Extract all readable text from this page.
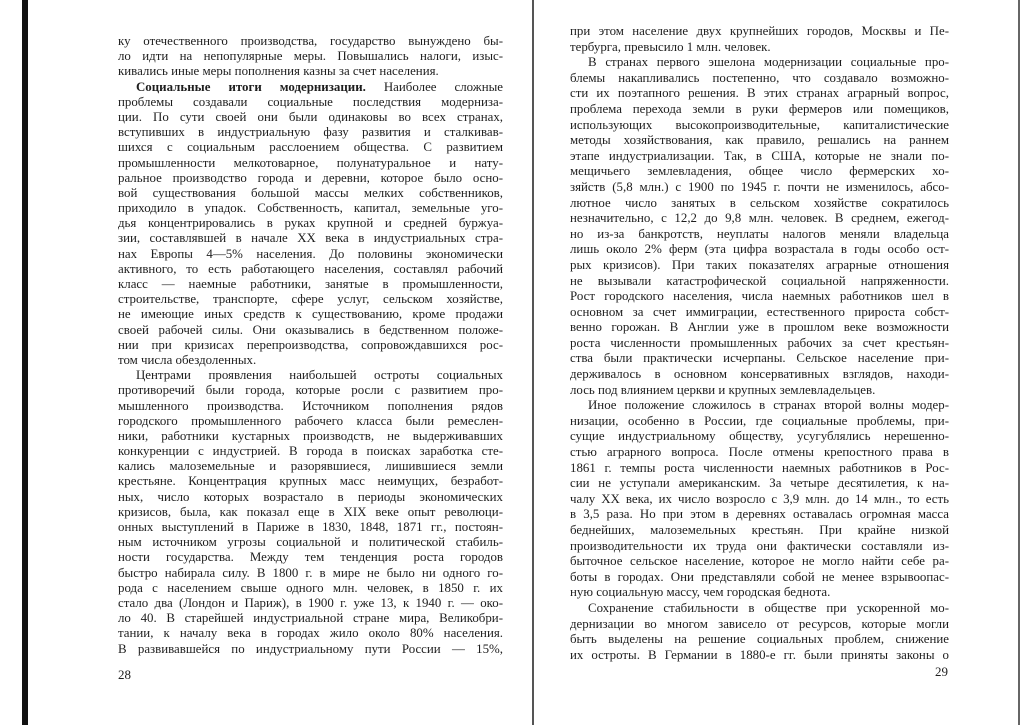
ку отечественного производства, государство вынуждено бы-
ло идти на непопулярные меры. Повышались налоги, изыс-
кивались иные меры пополнения казны за счет населения.
Социальные итоги модернизации. Наиболее сложные
проблемы создавали социальные последствия модерниза-
ции. По сути своей они были одинаковы во всех странах,
вступивших в индустриальную фазу развития и сталкивав-
шихся с социальным расслоением общества. С развитием
промышленности мелкотоварное, полунатуральное и нату-
ральное производство города и деревни, которое было осно-
вой существования большой массы мелких собственников,
приходило в упадок. Собственность, капитал, земельные уго-
дья концентрировались в руках крупной и средней буржуа-
зии, составлявшей в начале XX века в индустриальных стра-
нах Европы 4—5% населения. До половины экономически
активного, то есть работающего населения, составлял рабочий
класс — наемные работники, занятые в промышленности,
строительстве, транспорте, сфере услуг, сельском хозяйстве,
не имеющие иных средств к существованию, кроме продажи
своей рабочей силы. Они оказывались в бедственном положе-
нии при кризисах перепроизводства, сопровождавшихся рос-
том числа обездоленных.
Центрами проявления наибольшей остроты социальных
противоречий были города, которые росли с развитием про-
мышленного производства. Источником пополнения рядов
городского промышленного рабочего класса были ремеслен-
ники, работники кустарных производств, не выдерживавших
конкуренции с индустрией. В города в поисках заработка сте-
кались малоземельные и разорявшиеся, лишившиеся земли
крестьяне. Концентрация крупных масс неимущих, безработ-
ных, число которых возрастало в периоды экономических
кризисов, была, как показал еще в XIX веке опыт революци-
онных выступлений в Париже в 1830, 1848, 1871 гг., постоян-
ным источником угрозы социальной и политической стабиль-
ности государства. Между тем тенденция роста городов
быстро набирала силу. В 1800 г. в мире не было ни одного го-
рода с населением свыше одного млн. человек, в 1850 г. их
стало два (Лондон и Париж), в 1900 г. уже 13, к 1940 г. — око-
ло 40. В старейшей индустриальной стране мира, Великобри-
тании, к началу века в городах жило около 80% населения.
В развивавшейся по индустриальному пути России — 15%,
при этом население двух крупнейших городов, Москвы и Пе-
тербурга, превысило 1 млн. человек.
В странах первого эшелона модернизации социальные про-
блемы накапливались постепенно, что создавало возможно-
сти их поэтапного решения. В этих странах аграрный вопрос,
проблема перехода земли в руки фермеров или помещиков,
использующих высокопроизводительные, капиталистические
методы хозяйствования, как правило, решались на раннем
этапе индустриализации. Так, в США, которые не знали по-
мещичьего землевладения, общее число фермерских хо-
зяйств (5,8 млн.) с 1900 по 1945 г. почти не изменилось, абсо-
лютное число занятых в сельском хозяйстве сократилось
незначительно, с 12,2 до 9,8 млн. человек. В среднем, ежегод-
но из-за банкротств, неуплаты налогов меняли владельца
лишь около 2% ферм (эта цифра возрастала в годы особо ост-
рых кризисов). При таких показателях аграрные отношения
не вызывали катастрофической социальной напряженности.
Рост городского населения, числа наемных работников шел в
основном за счет иммиграции, естественного прироста собст-
венно горожан. В Англии уже в прошлом веке возможности
роста численности промышленных рабочих за счет крестьян-
ства были практически исчерпаны. Сельское население при-
держивалось в основном консервативных взглядов, находи-
лось под влиянием церкви и крупных землевладельцев.
Иное положение сложилось в странах второй волны модер-
низации, особенно в России, где социальные проблемы, при-
сущие индустриальному обществу, усугублялись нерешенно-
стью аграрного вопроса. После отмены крепостного права в
1861 г. темпы роста численности наемных работников в Рос-
сии не уступали американским. За четыре десятилетия, к на-
чалу XX века, их число возросло с 3,9 млн. до 14 млн., то есть
в 3,5 раза. Но при этом в деревнях оставалась огромная масса
беднейших, малоземельных крестьян. При крайне низкой
производительности их труда они фактически составляли из-
быточное сельское население, которое не могло найти себе ра-
боты в городах. Они представляли собой не менее взрывоопас-
ную социальную массу, чем городская беднота.
Сохранение стабильности в обществе при ускоренной мо-
дернизации во многом зависело от ресурсов, которые могли
быть выделены на решение социальных проблем, снижение
их остроты. В Германии в 1880-е гг. были приняты законы о
28	29
